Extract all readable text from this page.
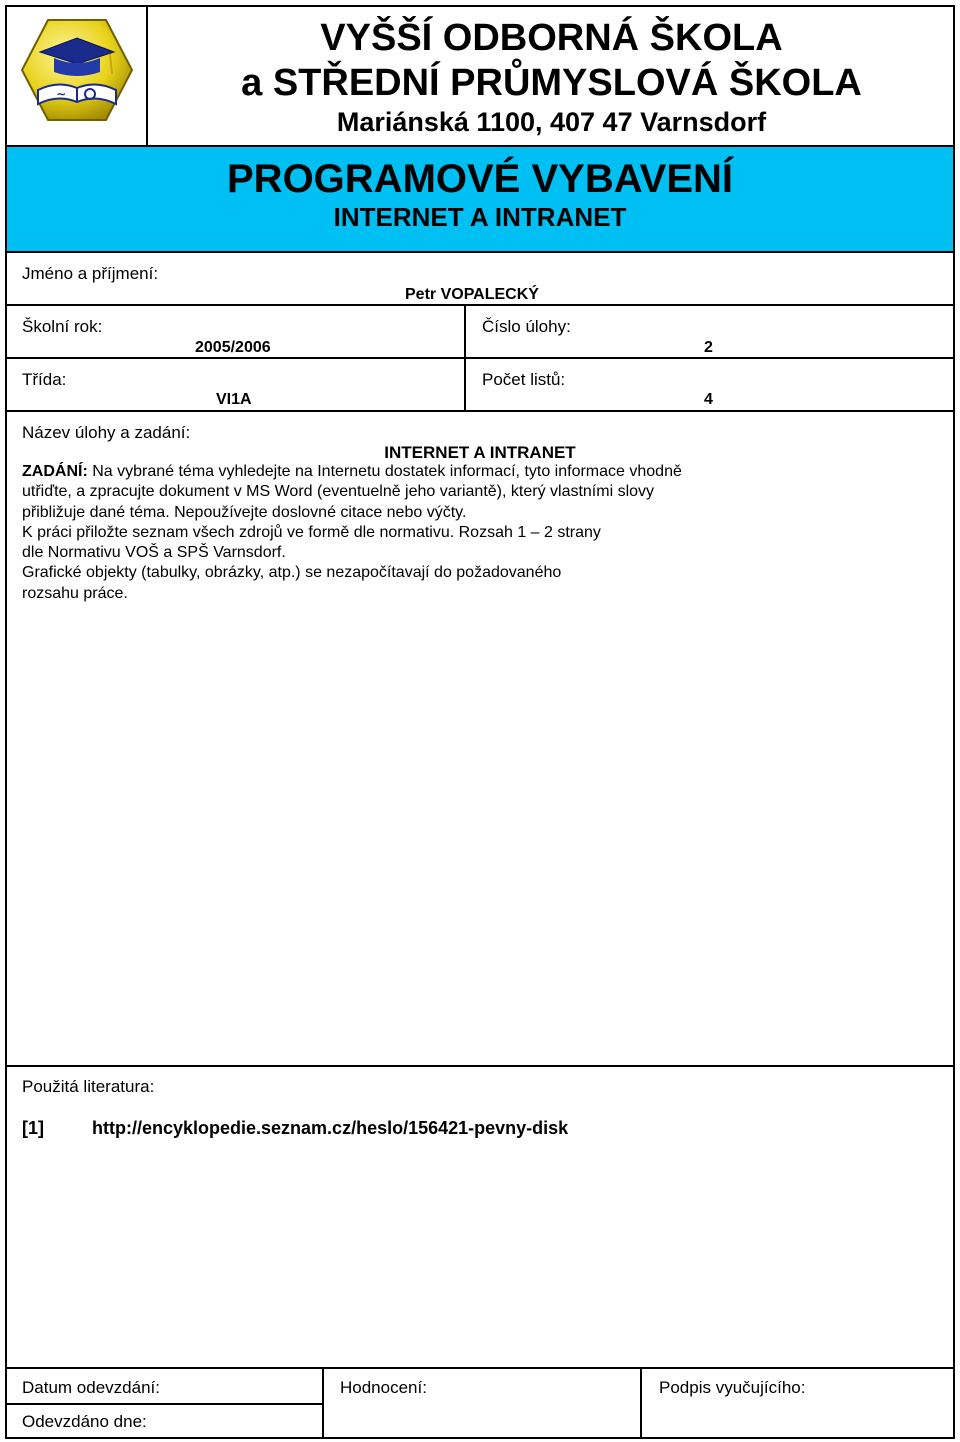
∼
VYŠŠÍ ODBORNÁ ŠKOLA
a STŘEDNÍ PRŮMYSLOVÁ ŠKOLA
Mariánská 1100, 407 47 Varnsdorf
PROGRAMOVÉ VYBAVENÍ
INTERNET A INTRANET
Jméno a příjmení:
Petr VOPALECKÝ
Školní rok:
2005/2006
Číslo úlohy:
2
Třída:
VI1A
Počet listů:
4
Název úlohy a zadání:
INTERNET A INTRANET

ZADÁNÍ: Na vybrané téma vyhledejte na Internetu dostatek informací, tyto informace vhodně

utřiďte, a zpracujte dokument v MS Word (eventuelně jeho variantě), který vlastními slovy

přibližuje dané téma. Nepoužívejte doslovné citace nebo výčty.

K práci přiložte seznam všech zdrojů ve formě dle normativu. Rozsah 1 – 2 strany

dle Normativu VOŠ a SPŠ Varnsdorf.

Grafické objekty (tabulky, obrázky, atp.) se nezapočítavají do požadovaného

rozsahu práce.

Použitá literatura:
[1]	http://encyklopedie.seznam.cz/heslo/156421-pevny-disk
Datum odevzdání:
Odevzdáno dne:
Hodnocení:	Podpis vyučujícího:
